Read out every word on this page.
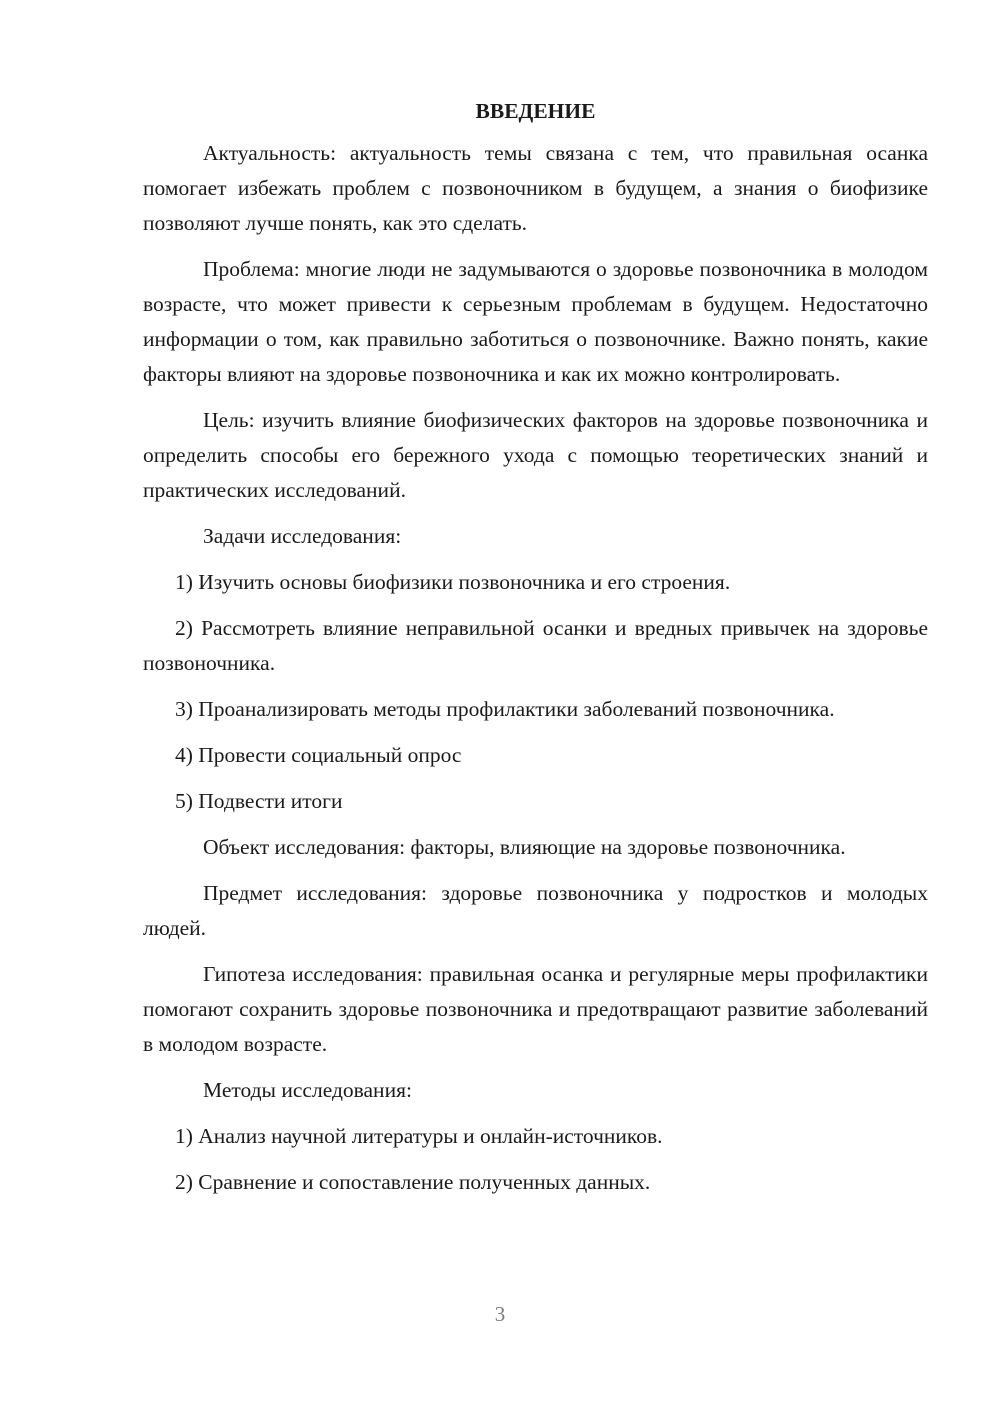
ВВЕДЕНИЕ

Актуальность: актуальность темы связана с тем, что правильная осанка помогает избежать проблем с позвоночником в будущем, а знания о биофизике позволяют лучше понять, как это сделать.

Проблема: многие люди не задумываются о здоровье позвоночника в молодом возрасте, что может привести к серьезным проблемам в будущем. Недостаточно информации о том, как правильно заботиться о позвоночнике. Важно понять, какие факторы влияют на здоровье позвоночника и как их можно контролировать.

Цель: изучить влияние биофизических факторов на здоровье позвоночника и определить способы его бережного ухода с помощью теоретических знаний и практических исследований.

Задачи исследования:

1) Изучить основы биофизики позвоночника и его строения.

2) Рассмотреть влияние неправильной осанки и вредных привычек на здоровье позвоночника.

3) Проанализировать методы профилактики заболеваний позвоночника.

4) Провести социальный опрос

5) Подвести итоги

Объект исследования: факторы, влияющие на здоровье позвоночника.

Предмет исследования: здоровье позвоночника у подростков и молодых людей.

Гипотеза исследования: правильная осанка и регулярные меры профилактики помогают сохранить здоровье позвоночника и предотвращают развитие заболеваний в молодом возрасте.

Методы исследования:

1) Анализ научной литературы и онлайн-источников.

2) Сравнение и сопоставление полученных данных.

3
